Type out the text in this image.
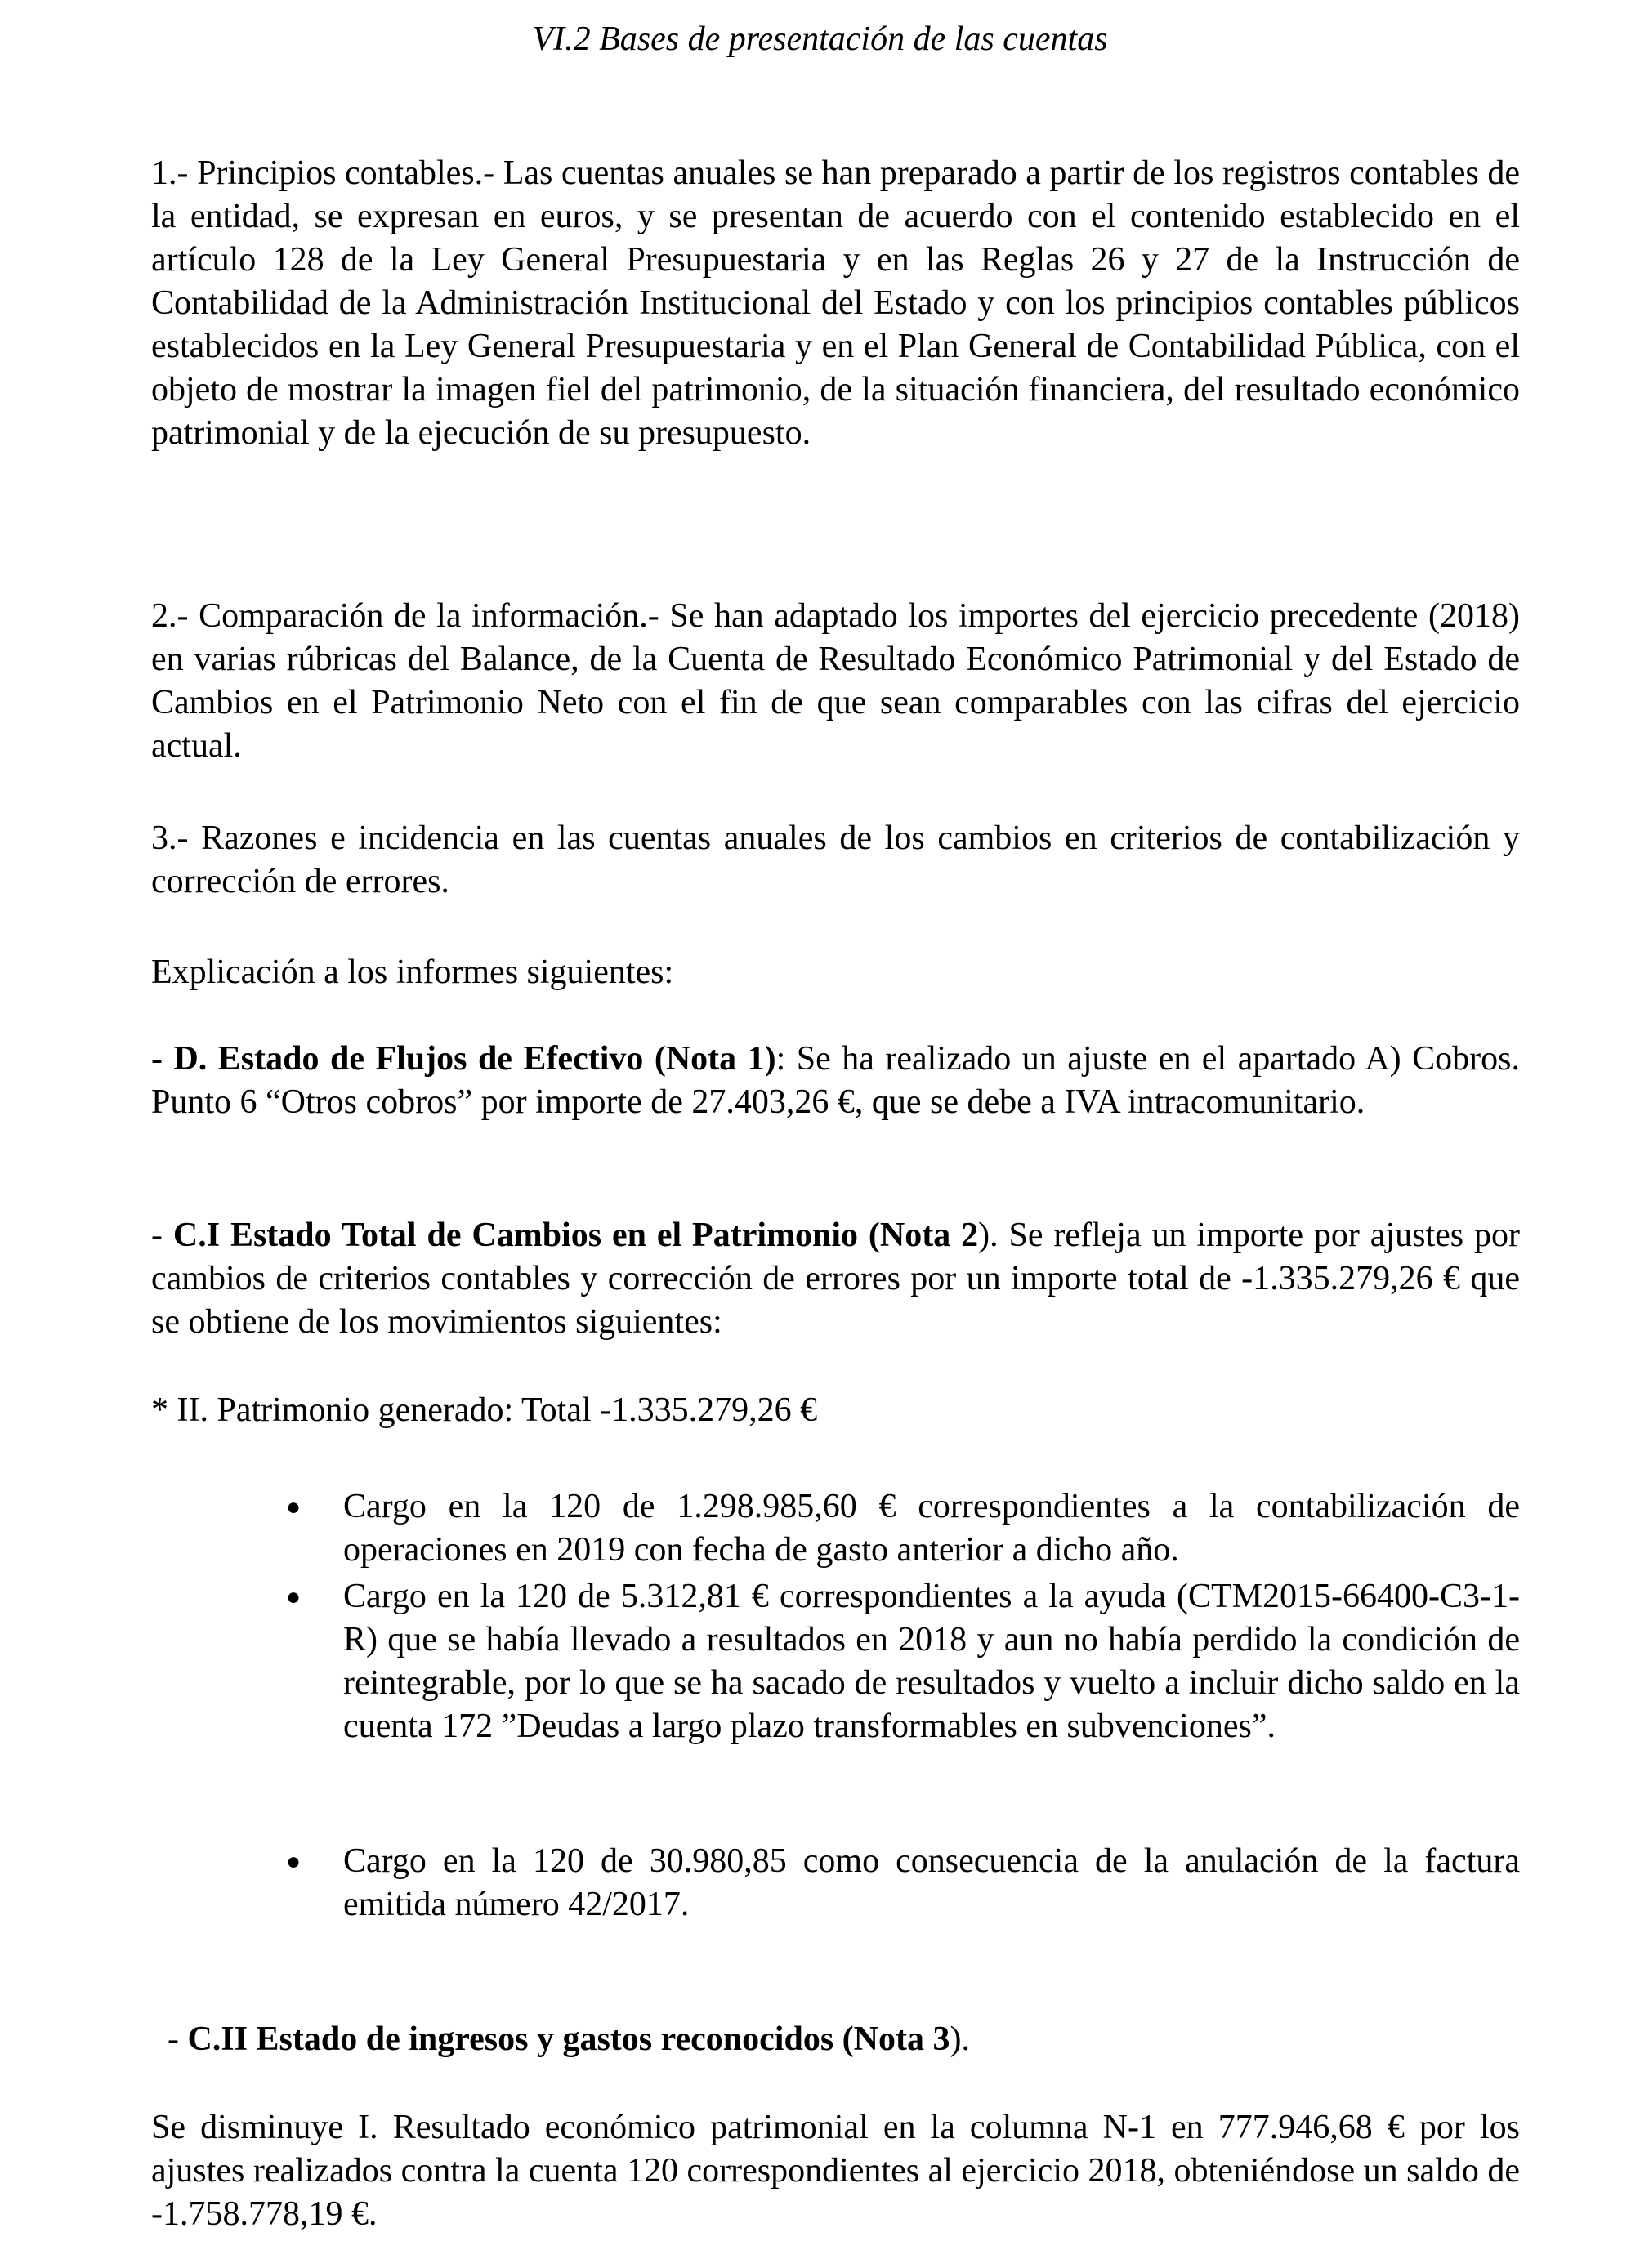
VI.2 Bases de presentación de las cuentas
1.- Principios contables.- Las cuentas anuales se han preparado a partir de los registros contables de la entidad, se expresan en euros, y se presentan de acuerdo con el contenido establecido en el artículo 128 de la Ley General Presupuestaria y en las Reglas 26 y 27 de la Instrucción de Contabilidad de la Administración Institucional del Estado y con los principios contables públicos establecidos en la Ley General Presupuestaria y en el Plan General de Contabilidad Pública, con el objeto de mostrar la imagen fiel del patrimonio, de la situación financiera, del resultado económico patrimonial y de la ejecución de su presupuesto.
2.- Comparación de la información.- Se han adaptado los importes del ejercicio precedente (2018) en varias rúbricas del Balance, de la Cuenta de Resultado Económico Patrimonial y del Estado de Cambios en el Patrimonio Neto con el fin de que sean comparables con las cifras del ejercicio actual.
3.- Razones e incidencia en las cuentas anuales de los cambios en criterios de contabilización y corrección de errores.
Explicación a los informes siguientes:
- D. Estado de Flujos de Efectivo (Nota 1): Se ha realizado un ajuste en el apartado A) Cobros. Punto 6 “Otros cobros” por importe de 27.403,26 €, que se debe a IVA intracomunitario.
- C.I Estado Total de Cambios en el Patrimonio (Nota 2). Se refleja un importe por ajustes por cambios de criterios contables y corrección de errores por un importe total de -1.335.279,26 € que se obtiene de los movimientos siguientes:
* II. Patrimonio generado: Total -1.335.279,26 €
● Cargo en la 120 de 1.298.985,60 € correspondientes a la contabilización de operaciones en 2019 con fecha de gasto anterior a dicho año.
● Cargo en la 120 de 5.312,81 € correspondientes a la ayuda (CTM2015-66400-C3-1-R) que se había llevado a resultados en 2018 y aun no había perdido la condición de reintegrable, por lo que se ha sacado de resultados y vuelto a incluir dicho saldo en la cuenta 172 ”Deudas a largo plazo transformables en subvenciones”.
● Cargo en la 120 de 30.980,85 como consecuencia de la anulación de la factura emitida número 42/2017.
- C.II Estado de ingresos y gastos reconocidos (Nota 3).
Se disminuye I. Resultado económico patrimonial en la columna N-1 en 777.946,68 € por los ajustes realizados contra la cuenta 120 correspondientes al ejercicio 2018, obteniéndose un saldo de -1.758.778,19 €.
